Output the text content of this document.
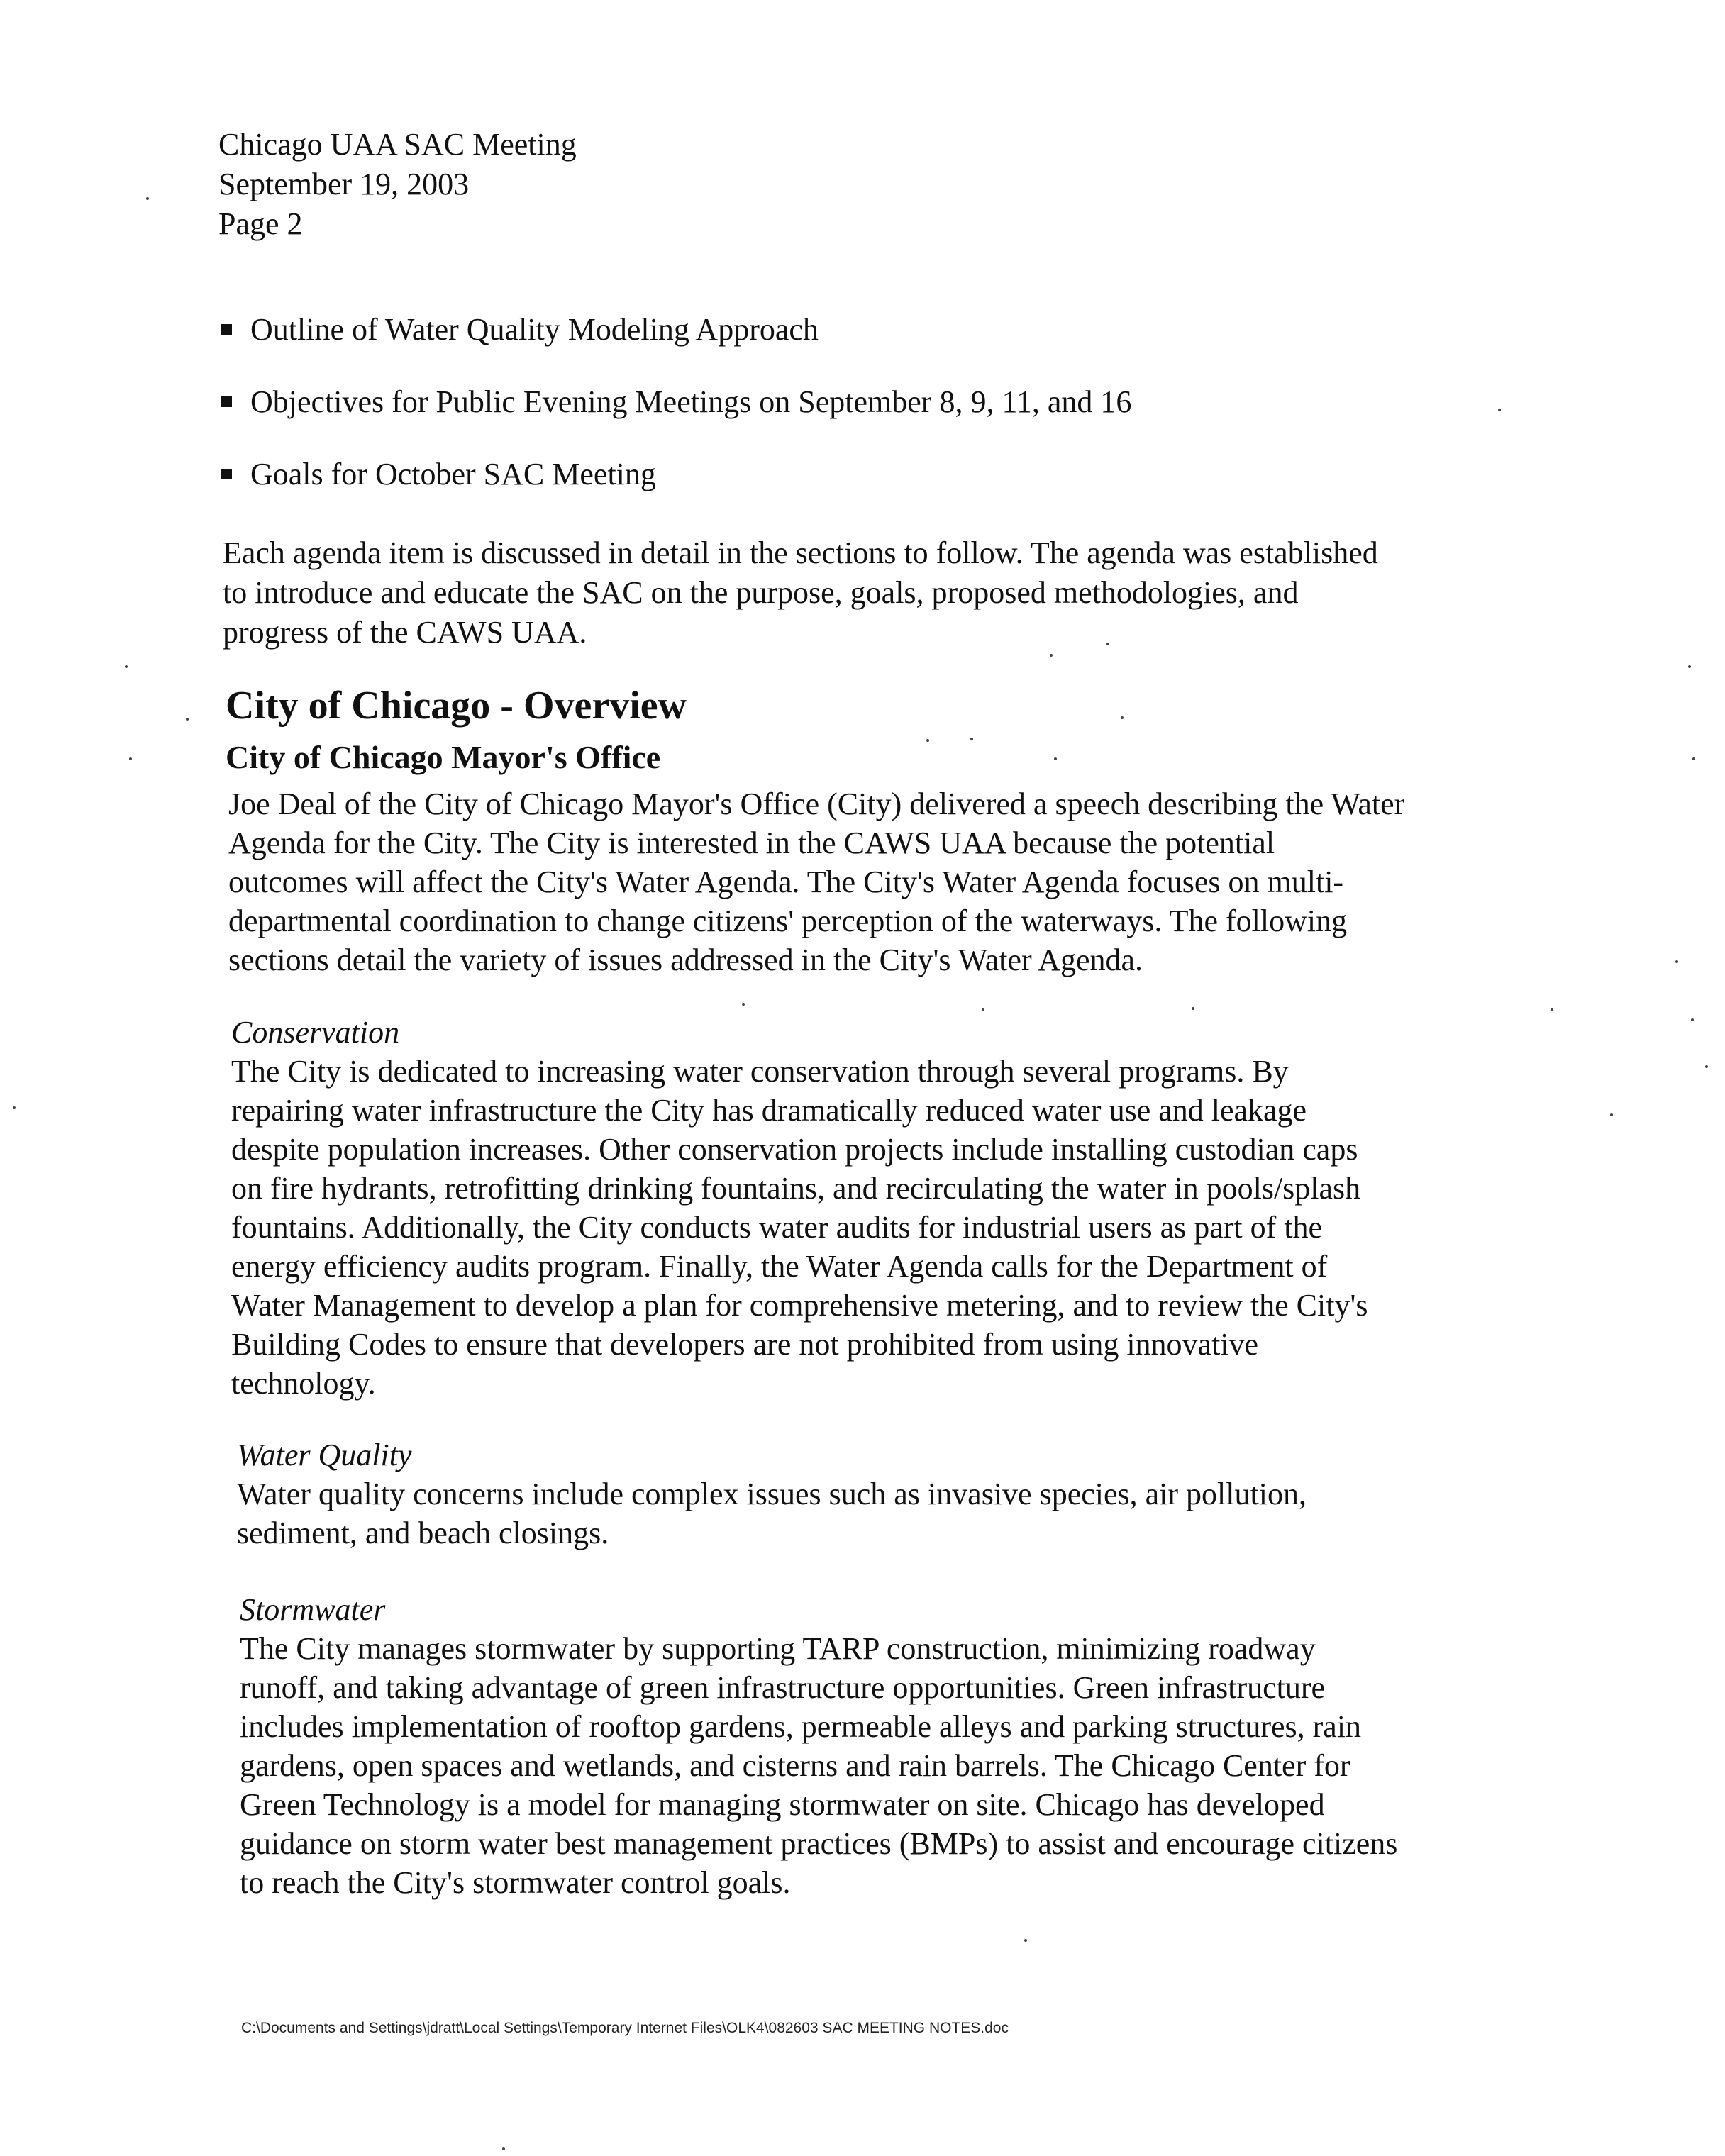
Chicago UAA SAC Meeting
September 19, 2003
Page 2
Outline of Water Quality Modeling Approach
Objectives for Public Evening Meetings on September 8, 9, 11, and 16
Goals for October SAC Meeting
Each agenda item is discussed in detail in the sections to follow. The agenda was established
to introduce and educate the SAC on the purpose, goals, proposed methodologies, and
progress of the CAWS UAA.
City of Chicago - Overview
City of Chicago Mayor's Office
Joe Deal of the City of Chicago Mayor's Office (City) delivered a speech describing the Water
Agenda for the City. The City is interested in the CAWS UAA because the potential
outcomes will affect the City's Water Agenda. The City's Water Agenda focuses on multi-
departmental coordination to change citizens' perception of the waterways. The following
sections detail the variety of issues addressed in the City's Water Agenda.
Conservation
The City is dedicated to increasing water conservation through several programs. By
repairing water infrastructure the City has dramatically reduced water use and leakage
despite population increases. Other conservation projects include installing custodian caps
on fire hydrants, retrofitting drinking fountains, and recirculating the water in pools/splash
fountains. Additionally, the City conducts water audits for industrial users as part of the
energy efficiency audits program. Finally, the Water Agenda calls for the Department of
Water Management to develop a plan for comprehensive metering, and to review the City's
Building Codes to ensure that developers are not prohibited from using innovative
technology.
Water Quality
Water quality concerns include complex issues such as invasive species, air pollution,
sediment, and beach closings.
Stormwater
The City manages stormwater by supporting TARP construction, minimizing roadway
runoff, and taking advantage of green infrastructure opportunities. Green infrastructure
includes implementation of rooftop gardens, permeable alleys and parking structures, rain
gardens, open spaces and wetlands, and cisterns and rain barrels. The Chicago Center for
Green Technology is a model for managing stormwater on site. Chicago has developed
guidance on storm water best management practices (BMPs) to assist and encourage citizens
to reach the City's stormwater control goals.
C:\Documents and Settings\jdratt\Local Settings\Temporary Internet Files\OLK4\082603 SAC MEETING NOTES.doc
